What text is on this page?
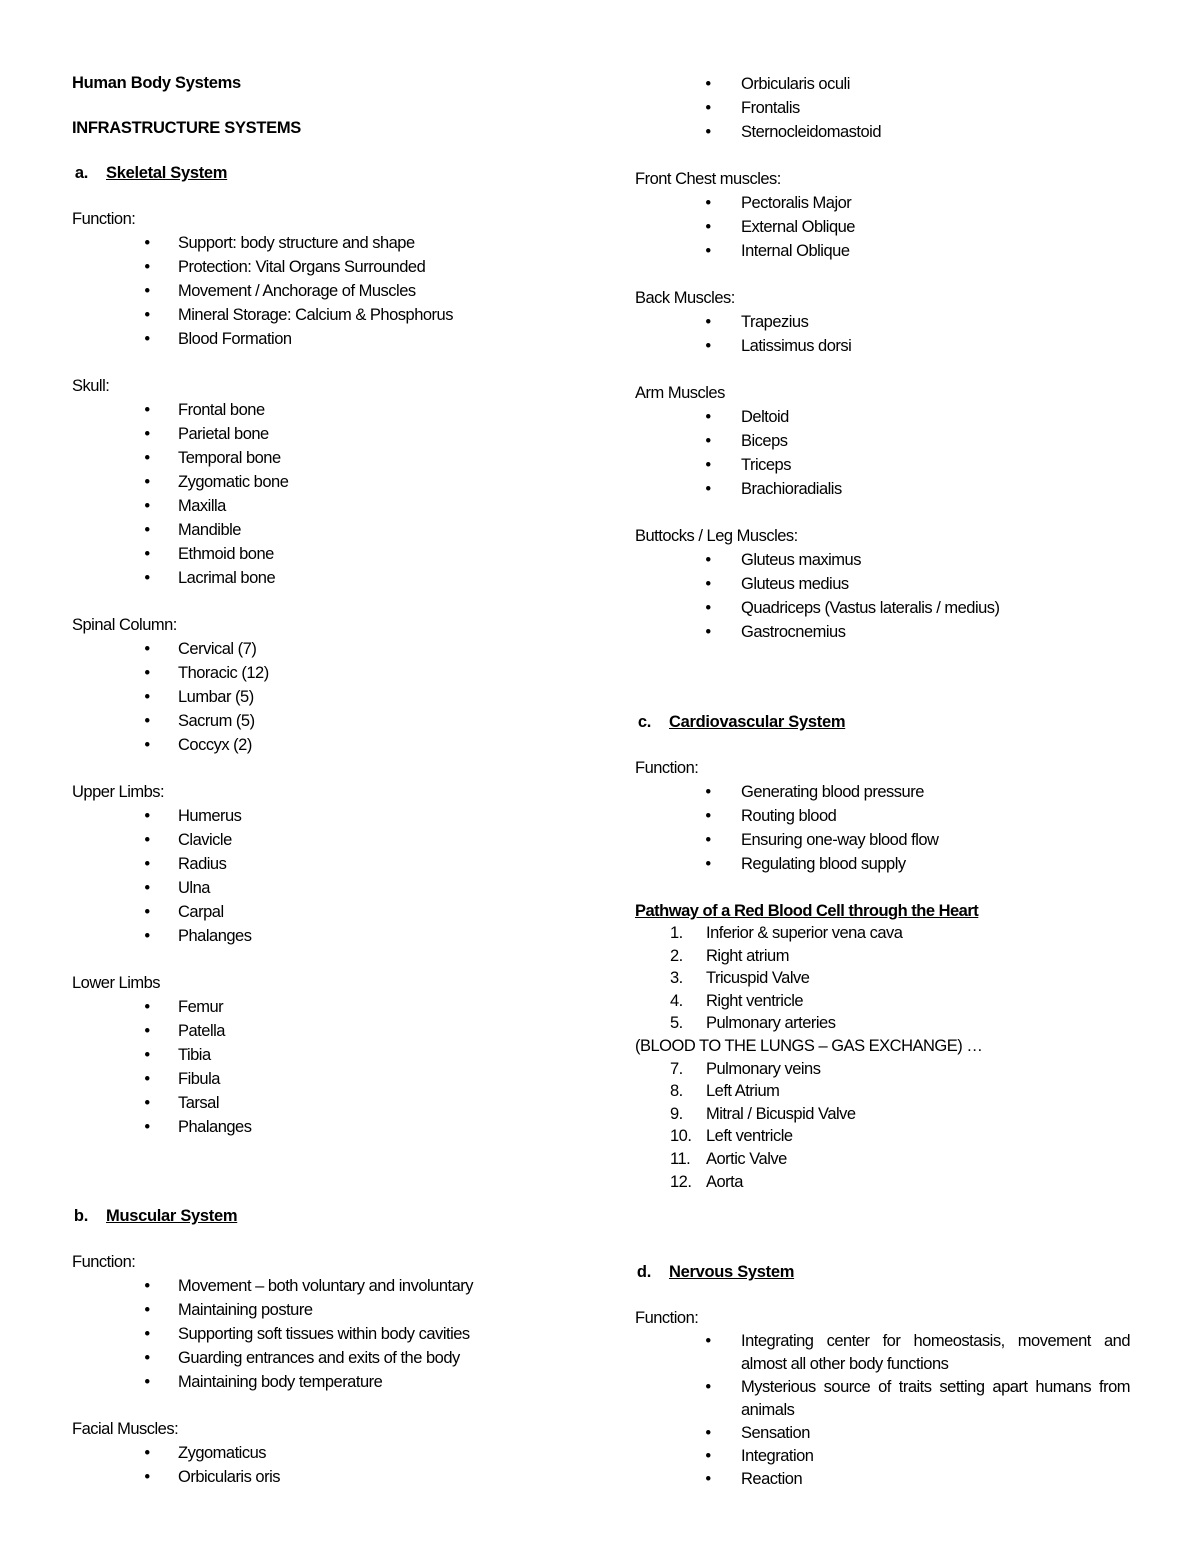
Human Body Systems
INFRASTRUCTURE SYSTEMS
a.	Skeletal System
Function:
• Support: body structure and shape
• Protection: Vital Organs Surrounded
• Movement / Anchorage of Muscles
• Mineral Storage: Calcium & Phosphorus
• Blood Formation
Skull:
• Frontal bone
• Parietal bone
• Temporal bone
• Zygomatic bone
• Maxilla
• Mandible
• Ethmoid bone
• Lacrimal bone
Spinal Column:
• Cervical (7)
• Thoracic (12)
• Lumbar (5)
• Sacrum (5)
• Coccyx (2)
Upper Limbs:
• Humerus
• Clavicle
• Radius
• Ulna
• Carpal
• Phalanges
Lower Limbs
• Femur
• Patella
• Tibia
• Fibula
• Tarsal
• Phalanges
b.	Muscular System
Function:
• Movement – both voluntary and involuntary
• Maintaining posture
• Supporting soft tissues within body cavities
• Guarding entrances and exits of the body
• Maintaining body temperature
Facial Muscles:
• Zygomaticus
• Orbicularis oris
• Orbicularis oculi
• Frontalis
• Sternocleidomastoid
Front Chest muscles:
• Pectoralis Major
• External Oblique
• Internal Oblique
Back Muscles:
• Trapezius
• Latissimus dorsi
Arm Muscles
• Deltoid
• Biceps
• Triceps
• Brachioradialis
Buttocks / Leg Muscles:
• Gluteus maximus
• Gluteus medius
• Quadriceps (Vastus lateralis / medius)
• Gastrocnemius
c.	Cardiovascular System
Function:
• Generating blood pressure
• Routing blood
• Ensuring one-way blood flow
• Regulating blood supply
Pathway of a Red Blood Cell through the Heart
1.	Inferior & superior vena cava
2.	Right atrium
3.	Tricuspid Valve
4.	Right ventricle
5.	Pulmonary arteries
(BLOOD TO THE LUNGS – GAS EXCHANGE) …
7.	Pulmonary veins
8.	Left Atrium
9.	Mitral / Bicuspid Valve
10. Left ventricle
11. Aortic Valve
12. Aorta
d.	Nervous System
Function:
• Integrating center for homeostasis, movement and almost all other body functions
• Mysterious source of traits setting apart humans from animals
• Sensation
• Integration
• Reaction
